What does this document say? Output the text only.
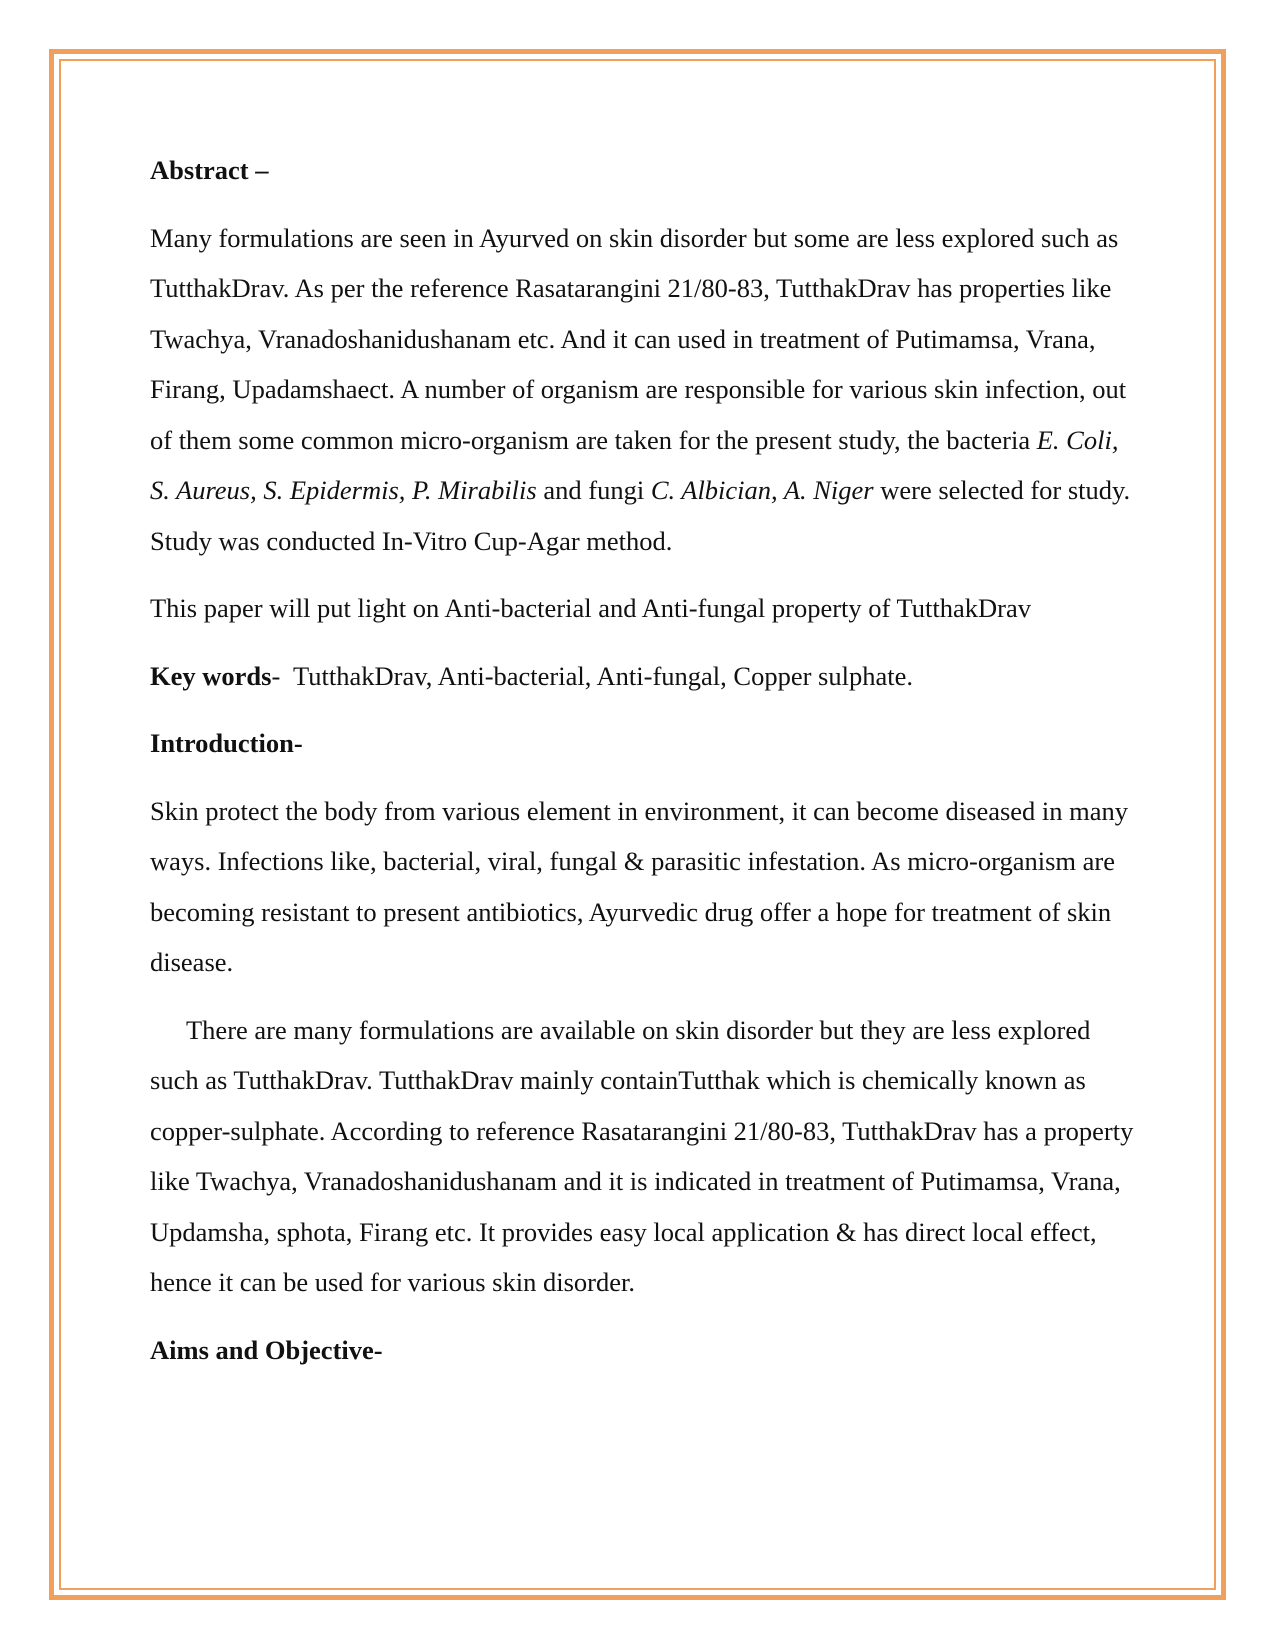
Abstract –

Many formulations are seen in Ayurved on skin disorder but some are less explored such as TutthakDrav. As per the reference Rasatarangini 21/80-83, TutthakDrav has properties like Twachya, Vranadoshanidushanam etc. And it can used in treatment of Putimamsa, Vrana, Firang, Upadamshaect. A number of organism are responsible for various skin infection, out of them some common micro-organism are taken for the present study, the bacteria E. Coli, S. Aureus, S. Epidermis, P. Mirabilis and fungi C. Albician, A. Niger were selected for study. Study was conducted In-Vitro Cup-Agar method.

This paper will put light on Anti-bacterial and Anti-fungal property of TutthakDrav

Key words-  TutthakDrav, Anti-bacterial, Anti-fungal, Copper sulphate.

Introduction-

Skin protect the body from various element in environment, it can become diseased in many ways. Infections like, bacterial, viral, fungal & parasitic infestation. As micro-organism are becoming resistant to present antibiotics, Ayurvedic drug offer a hope for treatment of skin disease.

There are many formulations are available on skin disorder but they are less explored such as TutthakDrav. TutthakDrav mainly containTutthak which is chemically known as copper-sulphate. According to reference Rasatarangini 21/80-83, TutthakDrav has a property like Twachya, Vranadoshanidushanam and it is indicated in treatment of Putimamsa, Vrana, Updamsha, sphota, Firang etc. It provides easy local application & has direct local effect, hence it can be used for various skin disorder.

Aims and Objective-
